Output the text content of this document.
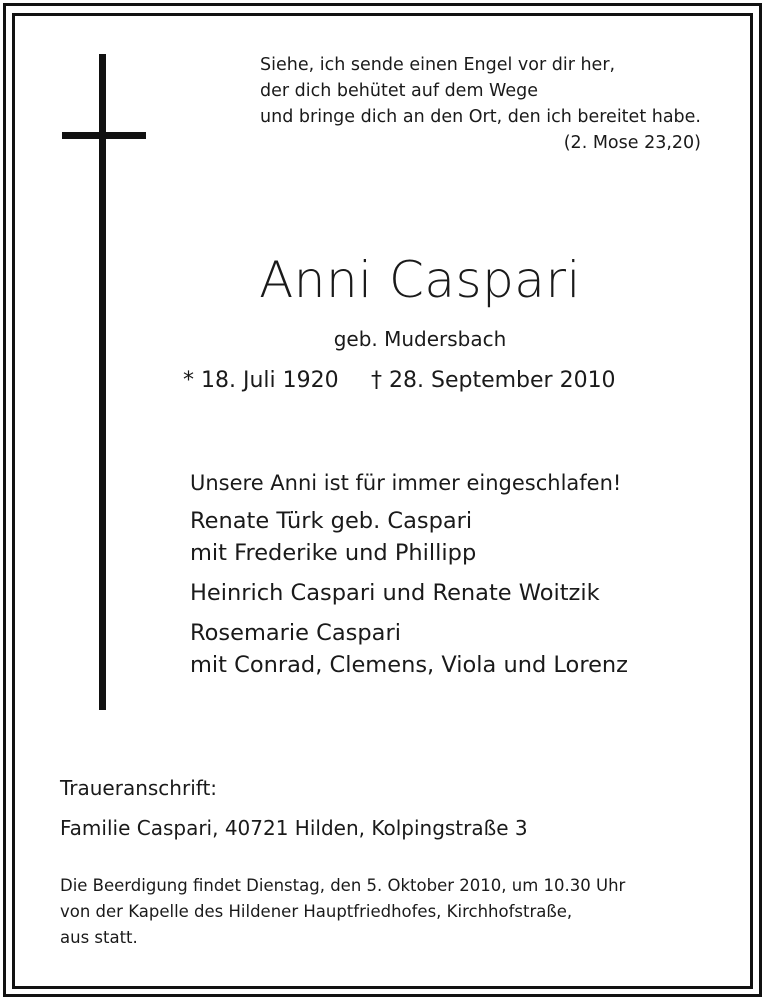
Siehe, ich sende einen Engel vor dir her,
der dich behütet auf dem Wege
und bringe dich an den Ort, den ich bereitet habe.
(2. Mose 23,20)
Anni Caspari
geb. Mudersbach
* 18. Juli 1920 † 28. September 2010
Unsere Anni ist für immer eingeschlafen!
Renate Türk geb. Caspari
mit Frederike und Phillipp
Heinrich Caspari und Renate Woitzik
Rosemarie Caspari
mit Conrad, Clemens, Viola und Lorenz
Traueranschrift:
Familie Caspari, 40721 Hilden, Kolpingstraße 3
Die Beerdigung findet Dienstag, den 5. Oktober 2010, um 10.30 Uhr
von der Kapelle des Hildener Hauptfriedhofes, Kirchhofstraße,
aus statt.
